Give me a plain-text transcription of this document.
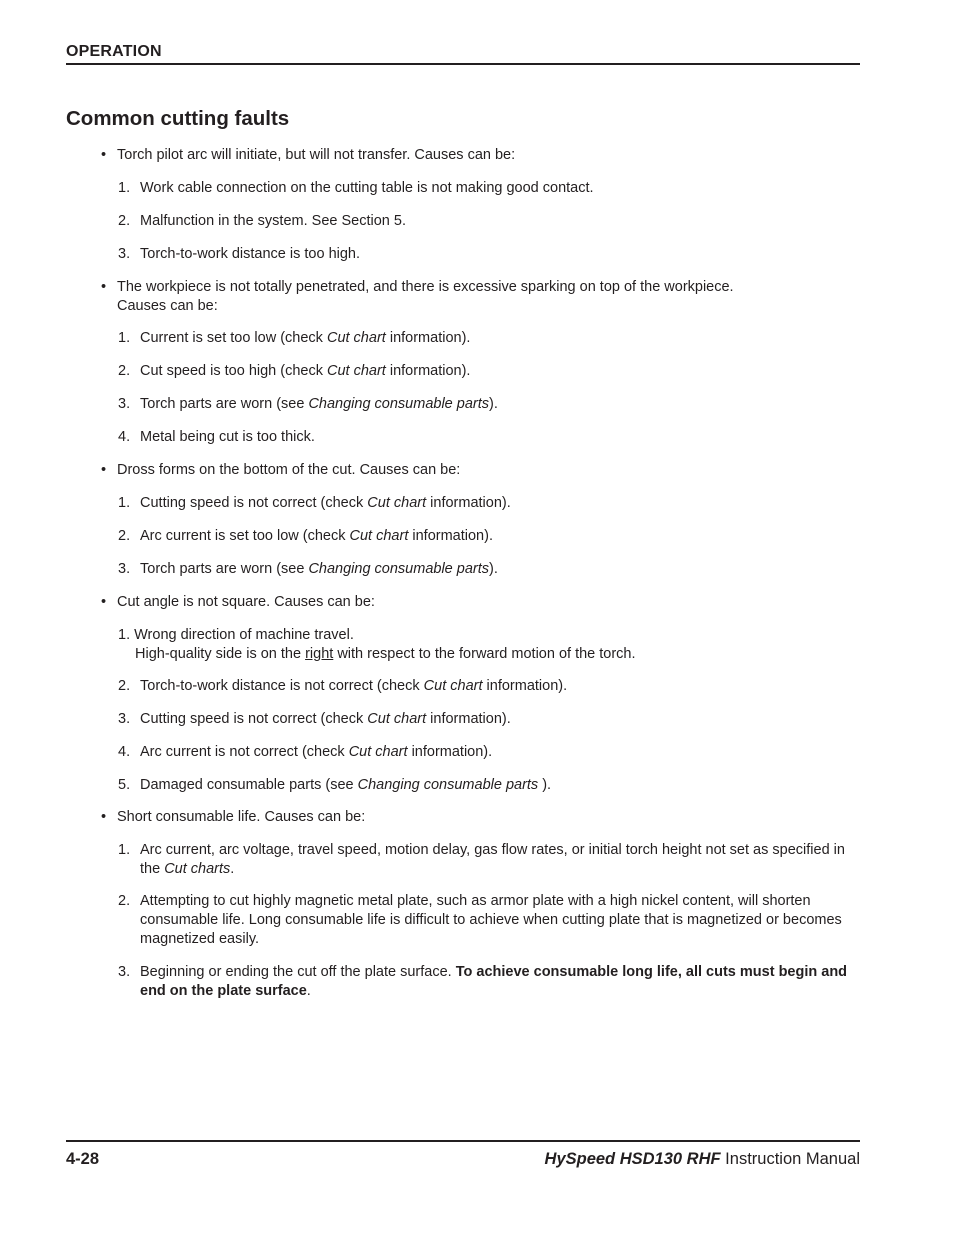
OPERATION
Common cutting faults
• Torch pilot arc will initiate, but will not transfer. Causes can be:
1. Work cable connection on the cutting table is not making good contact.
2. Malfunction in the system. See Section 5.
3. Torch-to-work distance is too high.
• The workpiece is not totally penetrated, and there is excessive sparking on top of the workpiece.
Causes can be:
1. Current is set too low (check Cut chart information).
2. Cut speed is too high (check Cut chart information).
3. Torch parts are worn (see Changing consumable parts).
4. Metal being cut is too thick.
• Dross forms on the bottom of the cut. Causes can be:
1. Cutting speed is not correct (check Cut chart information).
2. Arc current is set too low (check Cut chart information).
3. Torch parts are worn (see Changing consumable parts).
• Cut angle is not square. Causes can be:
1. Wrong direction of machine travel.
High-quality side is on the right with respect to the forward motion of the torch.
2. Torch-to-work distance is not correct (check Cut chart information).
3. Cutting speed is not correct (check Cut chart information).
4. Arc current is not correct (check Cut chart information).
5. Damaged consumable parts (see Changing consumable parts ).
• Short consumable life. Causes can be:
1. Arc current, arc voltage, travel speed, motion delay, gas flow rates, or initial torch height not set as specified in the Cut charts.
2. Attempting to cut highly magnetic metal plate, such as armor plate with a high nickel content, will shorten consumable life. Long consumable life is difficult to achieve when cutting plate that is magnetized or becomes magnetized easily.
3. Beginning or ending the cut off the plate surface. To achieve consumable long life, all cuts must begin and end on the plate surface.
4-28	HySpeed HSD130 RHF Instruction Manual
